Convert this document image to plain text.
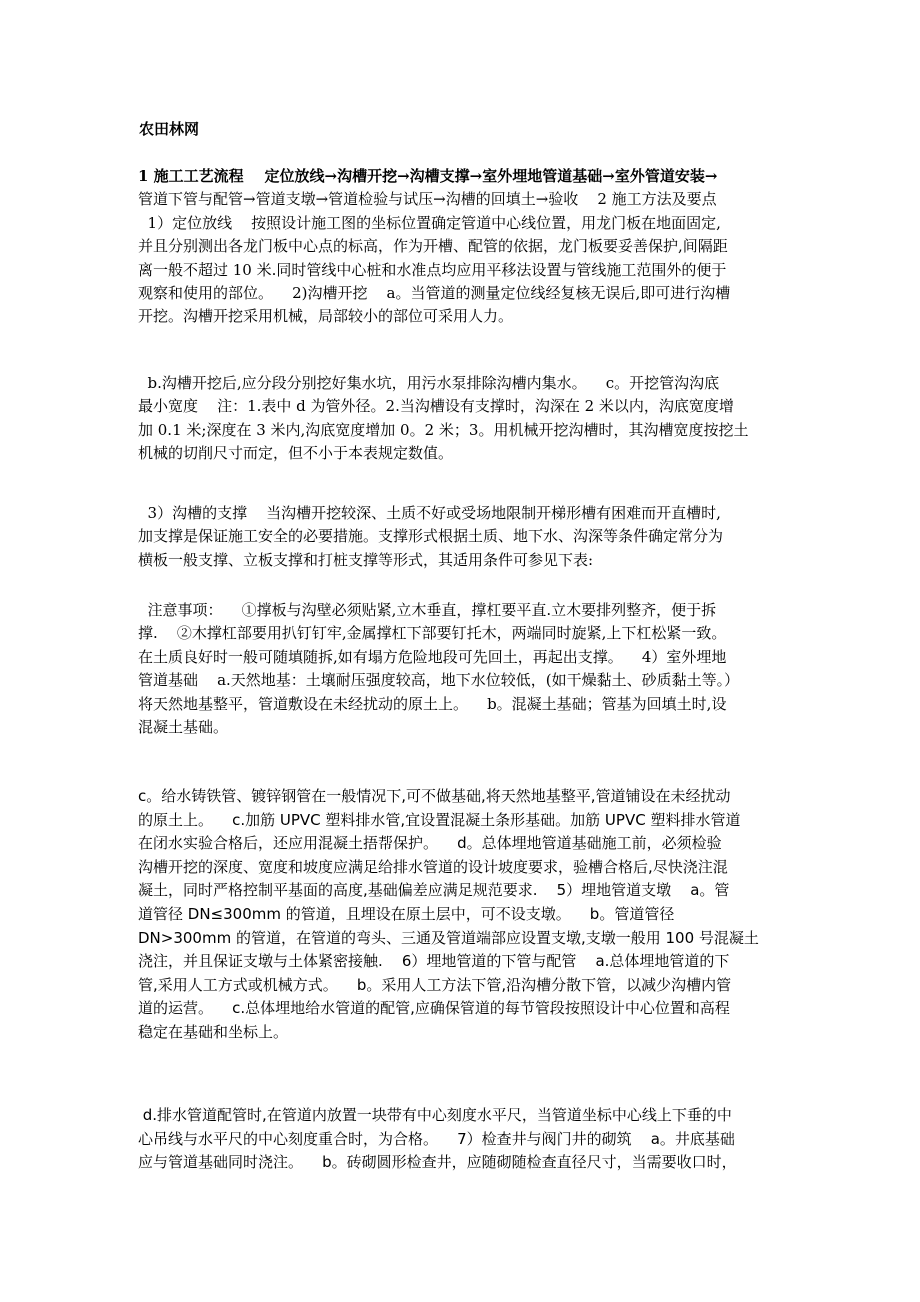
农田林网
1 施工工艺流程    定位放线→沟槽开挖→沟槽支撑→室外埋地管道基础→室外管道安装→
管道下管与配管→管道支墩→管道检验与试压→沟槽的回填土→验收    2 施工方法及要点
1）定位放线    按照设计施工图的坐标位置确定管道中心线位置，用龙门板在地面固定,
并且分别测出各龙门板中心点的标高，作为开槽、配管的依据，龙门板要妥善保护,间隔距
离一般不超过 10 米.同时管线中心桩和水准点均应用平移法设置与管线施工范围外的便于
观察和使用的部位。    2)沟槽开挖    a。当管道的测量定位线经复核无误后,即可进行沟槽
开挖。沟槽开挖采用机械，局部较小的部位可采用人力。
b.沟槽开挖后,应分段分别挖好集水坑，用污水泵排除沟槽内集水。    c。开挖管沟沟底
最小宽度    注：1.表中 d 为管外径。2.当沟槽设有支撑时，沟深在 2 米以内，沟底宽度增
加 0.1 米;深度在 3 米内,沟底宽度增加 0。2 米；3。用机械开挖沟槽时，其沟槽宽度按挖土
机械的切削尺寸而定，但不小于本表规定数值。
3）沟槽的支撑    当沟槽开挖较深、土质不好或受场地限制开梯形槽有困难而开直槽时,
加支撑是保证施工安全的必要措施。支撑形式根据土质、地下水、沟深等条件确定常分为
横板一般支撑、立板支撑和打桩支撑等形式，其适用条件可参见下表:
注意事项：    ①撑板与沟壁必须贴紧,立木垂直，撑杠要平直.立木要排列整齐，便于拆
撑.    ②木撑杠部要用扒钉钉牢,金属撑杠下部要钉托木，两端同时旋紧,上下杠松紧一致。
在土质良好时一般可随填随拆,如有塌方危险地段可先回土，再起出支撑。    4）室外埋地
管道基础    a.天然地基：土壤耐压强度较高，地下水位较低，(如干燥黏土、砂质黏土等。）
将天然地基整平，管道敷设在未经扰动的原土上。    b。混凝土基础；管基为回填土时,设
混凝土基础。
c。给水铸铁管、镀锌钢管在一般情况下,可不做基础,将天然地基整平,管道铺设在未经扰动
的原土上。    c.加筋 UPVC 塑料排水管,宜设置混凝土条形基础。加筋 UPVC 塑料排水管道
在闭水实验合格后，还应用混凝土捂帮保护。    d。总体埋地管道基础施工前，必须检验
沟槽开挖的深度、宽度和坡度应满足给排水管道的设计坡度要求，验槽合格后,尽快浇注混
凝土，同时严格控制平基面的高度,基础偏差应满足规范要求.    5）埋地管道支墩    a。管
道管径 DN≤300mm 的管道，且埋设在原土层中，可不设支墩。    b。管道管径
DN>300mm 的管道，在管道的弯头、三通及管道端部应设置支墩,支墩一般用 100 号混凝土
浇注，并且保证支墩与土体紧密接触.    6）埋地管道的下管与配管    a.总体埋地管道的下
管,采用人工方式或机械方式。    b。采用人工方法下管,沿沟槽分散下管，以减少沟槽内管
道的运营。    c.总体埋地给水管道的配管,应确保管道的每节管段按照设计中心位置和高程
稳定在基础和坐标上。
d.排水管道配管时,在管道内放置一块带有中心刻度水平尺，当管道坐标中心线上下垂的中
心吊线与水平尺的中心刻度重合时，为合格。    7）检查井与阀门井的砌筑    a。井底基础
应与管道基础同时浇注。    b。砖砌圆形检查井，应随砌随检查直径尺寸，当需要收口时，
